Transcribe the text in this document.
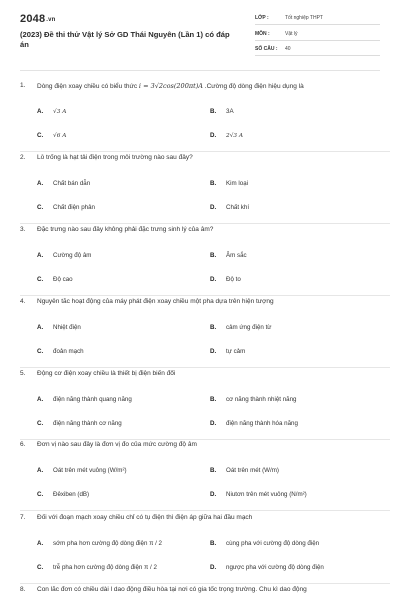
2048.vn
(2023) Đề thi thử Vật lý Sở GD Thái Nguyên (Lần 1) có đáp án
LỚP :	Tốt nghiệp THPT
MÔN :	Vật lý
SỐ CÂU : 40
1.	Dòng điện xoay chiều có biểu thức i = 3√2cos(200πt)A .Cường độ dòng điện hiệu dụng là
A. √3 A	B. 3A
C. √6 A	D. 2√3 A
2.	Lỗ trống là hạt tải điện trong môi trường nào sau đây?
A. Chất bán dẫn	B. Kim loại
C. Chất điện phân	D. Chất khí
3.	Đặc trưng nào sau đây không phải đặc trưng sinh lý của âm?
A. Cường độ âm	B. Âm sắc
C. Độ cao	D. Độ to
4.	Nguyên tắc hoạt động của máy phát điện xoay chiều một pha dựa trên hiện tượng
A. Nhiệt điện	B. cảm ứng điện từ
C. đoản mạch	D. tự cảm
5.	Động cơ điện xoay chiều là thiết bị điện biến đổi
A. điện năng thành quang năng	B. cơ năng thành nhiệt năng
C. điện năng thành cơ năng	D. điện năng thành hóa năng
6.	Đơn vị nào sau đây là đơn vị đo của mức cường độ âm
A. Oát trên mét vuông (W/m²)	B. Oát trên mét (W/m)
C. Đêxiben (dB)	D. Niutơn trên mét vuông (N/m²)
7.	Đối với đoạn mạch xoay chiều chỉ có tụ điện thì điện áp giữa hai đầu mạch
A. sớm pha hơn cường độ dòng điện π / 2	B. cùng pha với cường độ dòng điện
C. trễ pha hơn cường độ dòng điện π / 2	D. ngược pha với cường độ dòng điện
8.	Con lắc đơn có chiều dài l dao động điều hòa tại nơi có gia tốc trọng trường. Chu kì dao động
